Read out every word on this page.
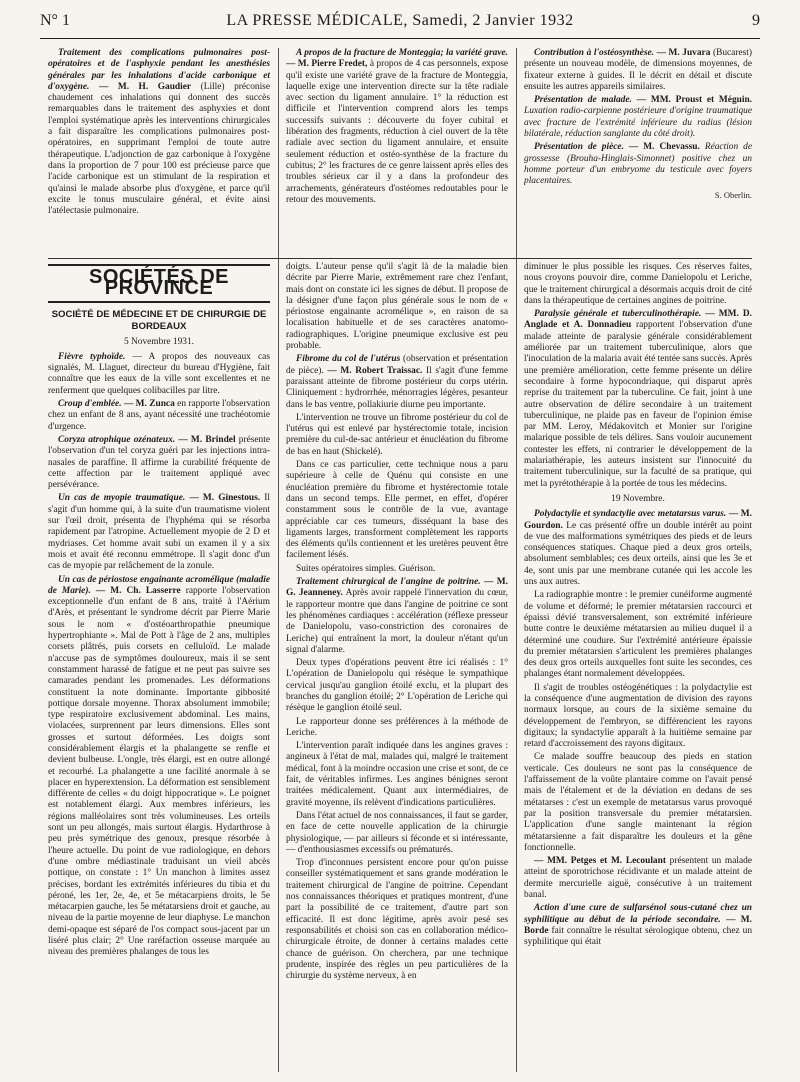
N° 1	LA PRESSE MÉDICALE, Samedi, 2 Janvier 1932	9

Traitement des complications pulmonaires post-opératoires et de l'asphyxie pendant les anesthésies générales par les inhalations d'acide carbonique et d'oxygène. — M. H. Gaudier (Lille) préconise chaudement ces inhalations qui donnent des succès remarquables dans le traitement des asphyxies et dont l'emploi systématique après les interventions chirurgicales a fait disparaître les complications pulmonaires post-opératoires, en supprimant l'emploi de toute autre thérapeutique. L'adjonction de gaz carbonique à l'oxygène dans la proportion de 7 pour 100 est précieuse parce que l'acide carbonique est un stimulant de la respiration et qu'ainsi le malade absorbe plus d'oxygène, et parce qu'il excite le tonus musculaire général, et évite ainsi l'atélectasie pulmonaire.

A propos de la fracture de Monteggia; la variété grave. — M. Pierre Fredet, à propos de 4 cas personnels, expose qu'il existe une variété grave de la fracture de Monteggia, laquelle exige une intervention directe sur la tête radiale avec section du ligament annulaire. 1° la réduction est difficile et l'intervention comprend alors les temps successifs suivants : découverte du foyer cubital et libération des fragments, réduction à ciel ouvert de la tête radiale avec section du ligament annulaire, et ensuite seulement réduction et ostéo-synthèse de la fracture du cubitus; 2° les fractures de ce genre laissent après elles des troubles sérieux car il y a dans la profondeur des arrachements, générateurs d'ostéomes redoutables pour le retour des mouvements.

Contribution à l'ostéosynthèse. — M. Juvara (Bucarest) présente un nouveau modèle, de dimensions moyennes, de fixateur externe à guides. Il le décrit en détail et discute ensuite les autres appareils similaires.

Présentation de malade. — MM. Proust et Méguin. Luxation radio-carpienne postérieure d'origine traumatique avec fracture de l'extrémité inférieure du radius (lésion bilatérale, réduction sanglante du côté droit).

Présentation de pièce. — M. Chevassu. Réaction de grossesse (Brouha-Hinglais-Simonnet) positive chez un homme porteur d'un embryome du testicule avec foyers placentaires.

S. Oberlin.
SOCIÉTÉS DE PROVINCE
SOCIÉTÉ DE MÉDECINE ET DE CHIRURGIE DE BORDEAUX
5 Novembre 1931.

Fièvre typhoïde. — A propos des nouveaux cas signalés, M. Llaguet, directeur du bureau d'Hygiène, fait connaître que les eaux de la ville sont excellentes et ne renferment que quelques colibacilles par litre.

Croup d'emblée. — M. Zunca en rapporte l'observation chez un enfant de 8 ans, ayant nécessité une trachéotomie d'urgence.

Coryza atrophique ozénateux. — M. Brindel présente l'observation d'un tel coryza guéri par les injections intra-nasales de paraffine. Il affirme la curabilité fréquente de cette affection par le traitement appliqué avec persévérance.

Un cas de myopie traumatique. — M. Ginestous. Il s'agit d'un homme qui, à la suite d'un traumatisme violent sur l'œil droit, présenta de l'hyphéma qui se résorba rapidement par l'atropine. Actuellement myopie de 2 D et mydriases. Cet homme avait subi un examen il y a six mois et avait été reconnu emmétrope. Il s'agit donc d'un cas de myopie par relâchement de la zonule.

Un cas de périostose engainante acromélique (maladie de Marie). — M. Ch. Lasserre rapporte l'observation exceptionnelle d'un enfant de 8 ans, traité à l'Aérium d'Arès, et présentant le syndrome décrit par Pierre Marie sous le nom « d'ostéoarthropathie pneumique hypertrophiante ». Mal de Pott à l'âge de 2 ans, multiples corsets plâtrés, puis corsets en celluloïd. Le malade n'accuse pas de symptômes douloureux, mais il se sent constamment harassé de fatigue et ne peut pas suivre ses camarades pendant les promenades. Les déformations constituent la note dominante. Importante gibbosité pottique dorsale moyenne. Thorax absolument immobile; type respiratoire exclusivement abdominal. Les mains, violacées, surprennent par leurs dimensions. Elles sont grosses et surtout déformées. Les doigts sont considérablement élargis et la phalangette se renfle et devient bulbeuse. L'ongle, très élargi, est en outre allongé et recourbé. La phalangette a une facilité anormale à se placer en hyperextension. La déformation est sensiblement différente de celles « du doigt hippocratique ». Le poignet est notablement élargi. Aux membres inférieurs, les régions malléolaires sont très volumineuses. Les orteils sont un peu allongés, mais surtout élargis. Hydarthrose à peu près symétrique des genoux, presque résorbée à l'heure actuelle. Du point de vue radiologique, en dehors d'une ombre médiastinale traduisant un vieil abcès pottique, on constate : 1° Un manchon à limites assez précises, bordant les extrémités inférieures du tibia et du péroné, les 1er, 2e, 4e, et 5e métacarpiens droits, le 5e métacarpien gauche, les 5e métatarsiens droit et gauche, au niveau de la partie moyenne de leur diaphyse. Le manchon demi-opaque est séparé de l'os compact sous-jacent par un liséré plus clair; 2° Une raréfaction osseuse marquée au niveau des premières phalanges de tous les

doigts. L'auteur pense qu'il s'agit là de la maladie bien décrite par Pierre Marie, extrêmement rare chez l'enfant, mais dont on constate ici les signes de début. Il propose de la désigner d'une façon plus générale sous le nom de « périostose engainante acromélique », en raison de sa localisation habituelle et de ses caractères anatomo-radiographiques. L'origine pneumique exclusive est peu probable.

Fibrome du col de l'utérus (observation et présentation de pièce). — M. Robert Traissac. Il s'agit d'une femme paraissant atteinte de fibrome postérieur du corps utérin. Cliniquement : hydrorrhée, ménorragies légères, pesanteur dans le bas ventre, pollakiurie diurne peu importante.

L'intervention ne trouve un fibrome postérieur du col de l'utérus qui est enlevé par hystérectomie totale, incision première du cul-de-sac antérieur et énucléation du fibrome de bas en haut (Shickelé).

Dans ce cas particulier, cette technique nous a paru supérieure à celle de Quénu qui consiste en une énucléation première du fibrome et hystérectomie totale dans un second temps. Elle permet, en effet, d'opérer constamment sous le contrôle de la vue, avantage appréciable car ces tumeurs, disséquant la base des ligaments larges, transforment complètement les rapports des éléments qu'ils contiennent et les uretères peuvent être facilement lésés.

Suites opératoires simples. Guérison.

Traitement chirurgical de l'angine de poitrine. — M. G. Jeanneney. Après avoir rappelé l'innervation du cœur, le rapporteur montre que dans l'angine de poitrine ce sont les phénomènes cardiaques : accélération (réflexe presseur de Danielopolu, vaso-constriction des coronaires de Leriche) qui entraînent la mort, la douleur n'étant qu'un signal d'alarme.

Deux types d'opérations peuvent être ici réalisés : 1° L'opération de Danielopolu qui résèque le sympathique cervical jusqu'au ganglion étoilé exclu, et la plupart des branches du ganglion étoilé; 2° L'opération de Leriche qui résèque le ganglion étoilé seul.

Le rapporteur donne ses préférences à la méthode de Leriche.

L'intervention paraît indiquée dans les angines graves : angineux à l'état de mal, malades qui, malgré le traitement médical, font à la moindre occasion une crise et sont, de ce fait, de véritables infirmes. Les angines bénignes seront traitées médicalement. Quant aux intermédiaires, de gravité moyenne, ils relèvent d'indications particulières.

Dans l'état actuel de nos connaissances, il faut se garder, en face de cette nouvelle application de la chirurgie physiologique, — par ailleurs si féconde et si intéressante, — d'enthousiasmes excessifs ou prématurés.

Trop d'inconnues persistent encore pour qu'on puisse conseiller systématiquement et sans grande modération le traitement chirurgical de l'angine de poitrine. Cependant nos connaissances théoriques et pratiques montrent, d'une part la possibilité de ce traitement, d'autre part son efficacité. Il est donc légitime, après avoir pesé ses responsabilités et choisi son cas en collaboration médico-chirurgicale étroite, de donner à certains malades cette chance de guérison. On cherchera, par une technique prudente, inspirée des règles un peu particulières de la chirurgie du système nerveux, à en

diminuer le plus possible les risques. Ces réserves faites, nous croyons pouvoir dire, comme Danielopolu et Leriche, que le traitement chirurgical a désormais acquis droit de cité dans la thérapeutique de certaines angines de poitrine.

Paralysie générale et tuberculinothérapie. — MM. D. Anglade et A. Donnadieu rapportent l'observation d'une malade atteinte de paralysie générale considérablement améliorée par un traitement tuberculinique, alors que l'inoculation de la malaria avait été tentée sans succès. Après une première amélioration, cette femme présente un délire secondaire à forme hypocondriaque, qui disparut après reprise du traitement par la tuberculine. Ce fait, joint à une autre observation de délire secondaire à un traitement tuberculinique, ne plaide pas en faveur de l'opinion émise par MM. Leroy, Médakovitch et Monier sur l'origine malarique possible de tels délires. Sans vouloir aucunement contester les effets, ni contrarier le développement de la malariathérapie, les auteurs insistent sur l'innocuité du traitement tuberculinique, sur la faculté de sa pratique, qui met la pyrétothérapie à la portée de tous les médecins.

19 Novembre.

Polydactylie et syndactylie avec metatarsus varus. — M. Gourdon. Le cas présenté offre un double intérêt au point de vue des malformations symétriques des pieds et de leurs conséquences statiques. Chaque pied a deux gros orteils, absolument semblables; ces deux orteils, ainsi que les 3e et 4e, sont unis par une membrane cutanée qui les accole les uns aux autres.

La radiographie montre : le premier cunéiforme augmenté de volume et déformé; le premier métatarsien raccourci et épaissi dévié transversalement, son extrémité inférieure butte contre le deuxième métatarsien au milieu duquel il a déterminé une coudure. Sur l'extrémité antérieure épaissie du premier métatarsien s'articulent les premières phalanges des deux gros orteils auxquelles font suite les secondes, ces phalanges étant normalement développées.

Il s'agit de troubles ostéogénétiques : la polydactylie est la conséquence d'une augmentation de division des rayons normaux lorsque, au cours de la sixième semaine du développement de l'embryon, se différencient les rayons digitaux; la syndactylie apparaît à la huitième semaine par retard d'accroissement des rayons digitaux.

Ce malade souffre beaucoup des pieds en station verticale. Ces douleurs ne sont pas la conséquence de l'affaissement de la voûte plantaire comme on l'avait pensé mais de l'étalement et de la déviation en dedans de ses métatarses : c'est un exemple de metatarsus varus provoqué par la position transversale du premier métatarsien. L'application d'une sangle maintenant la région métatarsienne a fait disparaître les douleurs et la gêne fonctionnelle.

— MM. Petges et M. Lecoulant présentent un malade atteint de sporotrichose récidivante et un malade atteint de dermite mercurielle aiguë, consécutive à un traitement banal.

Action d'une cure de sulfarsénol sous-cutané chez un syphilitique au début de la période secondaire. — M. Borde fait connaître le résultat sérologique obtenu, chez un syphilitique qui était
